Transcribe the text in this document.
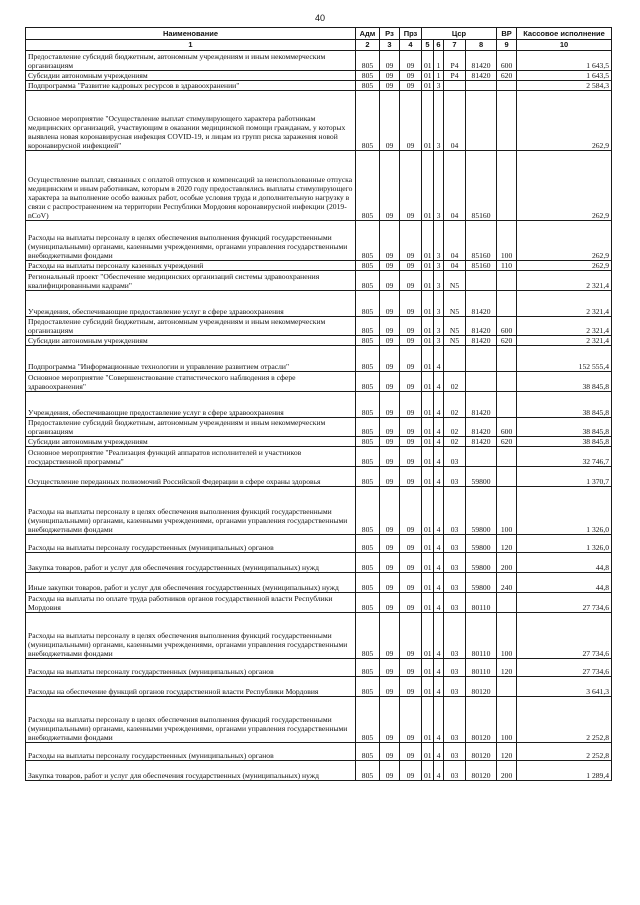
40
Наименование	Адм	Рз	Прз	Цср				ВР	Кассовое исполнение
1	2	3	4	5	6	7	8	9	10
Предоставление субсидий бюджетным, автономным учреждениям и иным некоммерческим организациям	805	09	09	01	1	Р4	81420	600	1 643,5
Субсидии автономным учреждениям	805	09	09	01	1	Р4	81420	620	1 643,5
Подпрограмма "Развитие кадровых ресурсов в здравоохранении"	805	09	09	01	3				2 584,3
Основное мероприятие "Осуществление выплат стимулирующего характера работникам медицинских организаций, участвующим в оказании медицинской помощи гражданам, у которых выявлена новая коронавирусная инфекция COVID-19, и лицам из групп риска заражения новой коронавирусной инфекцией"	805	09	09	01	3	04			262,9
Осуществление выплат, связанных с оплатой отпусков и компенсаций за неиспользованные отпуска медицинским и иным работникам, которым в 2020 году предоставлялись выплаты стимулирующего характера за выполнение особо важных работ, особые условия труда и дополнительную нагрузку в связи с распространением на территории Республики Мордовия коронавирусной инфекции (2019-nCoV)	805	09	09	01	3	04	85160		262,9
Расходы на выплаты персоналу в целях обеспечения выполнения функций государственными (муниципальными) органами, казенными учреждениями, органами управления государственными внебюджетными фондами	805	09	09	01	3	04	85160	100	262,9
Расходы на выплаты персоналу казенных учреждений	805	09	09	01	3	04	85160	110	262,9
Региональный проект "Обеспечение медицинских организаций системы здравоохранения квалифицированными кадрами"	805	09	09	01	3	N5			2 321,4
Учреждения, обеспечивающие предоставление услуг в сфере здравоохранения	805	09	09	01	3	N5	81420		2 321,4
Предоставление субсидий бюджетным, автономным учреждениям и иным некоммерческим организациям	805	09	09	01	3	N5	81420	600	2 321,4
Субсидии автономным учреждениям	805	09	09	01	3	N5	81420	620	2 321,4
Подпрограмма "Информационные технологии и управление развитием отрасли"	805	09	09	01	4				152 555,4
Основное мероприятие "Совершенствование статистического наблюдения в сфере здравоохранения"	805	09	09	01	4	02			38 845,8
Учреждения, обеспечивающие предоставление услуг в сфере здравоохранения	805	09	09	01	4	02	81420		38 845,8
Предоставление субсидий бюджетным, автономным учреждениям и иным некоммерческим организациям	805	09	09	01	4	02	81420	600	38 845,8
Субсидии автономным учреждениям	805	09	09	01	4	02	81420	620	38 845,8
Основное мероприятие "Реализация функций аппаратов исполнителей и участников государственной программы"	805	09	09	01	4	03			32 746,7
Осуществление переданных полномочий Российской Федерации в сфере охраны здоровья	805	09	09	01	4	03	59800		1 370,7
Расходы на выплаты персоналу в целях обеспечения выполнения функций государственными (муниципальными) органами, казенными учреждениями, органами управления государственными внебюджетными фондами	805	09	09	01	4	03	59800	100	1 326,0
Расходы на выплаты персоналу государственных (муниципальных) органов	805	09	09	01	4	03	59800	120	1 326,0
Закупка товаров, работ и услуг для обеспечения государственных (муниципальных) нужд	805	09	09	01	4	03	59800	200	44,8
Иные закупки товаров, работ и услуг для обеспечения государственных (муниципальных) нужд	805	09	09	01	4	03	59800	240	44,8
Расходы на выплаты по оплате труда работников органов государственной власти Республики Мордовия	805	09	09	01	4	03	80110		27 734,6
Расходы на выплаты персоналу в целях обеспечения выполнения функций государственными (муниципальными) органами, казенными учреждениями, органами управления государственными внебюджетными фондами	805	09	09	01	4	03	80110	100	27 734,6
Расходы на выплаты персоналу государственных (муниципальных) органов	805	09	09	01	4	03	80110	120	27 734,6
Расходы на обеспечение функций органов государственной власти Республики Мордовия	805	09	09	01	4	03	80120		3 641,3
Расходы на выплаты персоналу в целях обеспечения выполнения функций государственными (муниципальными) органами, казенными учреждениями, органами управления государственными внебюджетными фондами	805	09	09	01	4	03	80120	100	2 252,8
Расходы на выплаты персоналу государственных (муниципальных) органов	805	09	09	01	4	03	80120	120	2 252,8
Закупка товаров, работ и услуг для обеспечения государственных (муниципальных) нужд	805	09	09	01	4	03	80120	200	1 289,4
